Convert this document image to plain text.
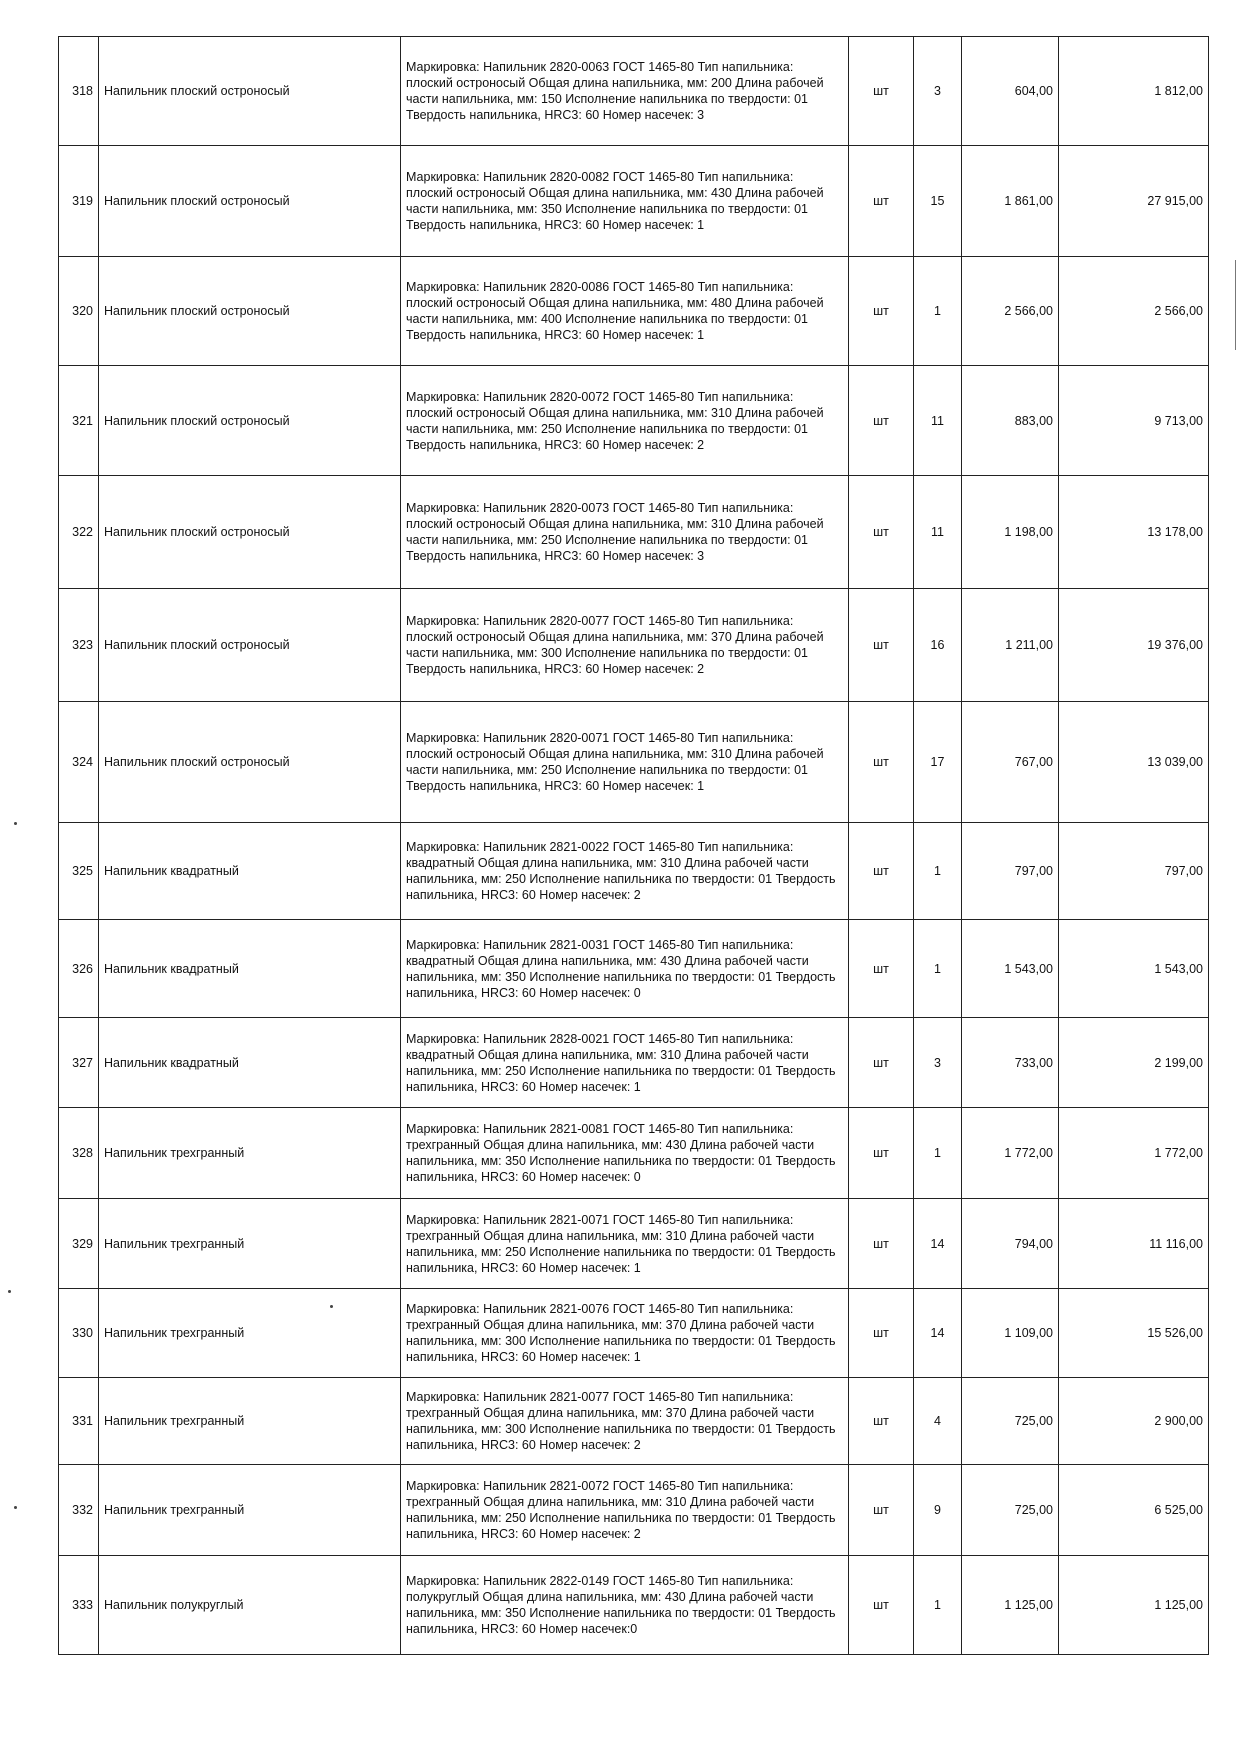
318	Напильник плоский остроносый	Маркировка: Напильник 2820-0063 ГОСТ 1465-80 Тип напильника: плоский остроносый Общая длина напильника, мм: 200 Длина рабочей части напильника, мм: 150 Исполнение напильника по твердости: 01 Твердость напильника, HRC3: 60 Номер насечек: 3	шт	3	604,00	1 812,00
319	Напильник плоский остроносый	Маркировка: Напильник 2820-0082 ГОСТ 1465-80 Тип напильника: плоский остроносый Общая длина напильника, мм: 430 Длина рабочей части напильника, мм: 350 Исполнение напильника по твердости: 01 Твердость напильника, HRC3: 60 Номер насечек: 1	шт	15	1 861,00	27 915,00
320	Напильник плоский остроносый	Маркировка: Напильник 2820-0086 ГОСТ 1465-80 Тип напильника: плоский остроносый Общая длина напильника, мм: 480 Длина рабочей части напильника, мм: 400 Исполнение напильника по твердости: 01 Твердость напильника, HRC3: 60 Номер насечек: 1	шт	1	2 566,00	2 566,00
321	Напильник плоский остроносый	Маркировка: Напильник 2820-0072 ГОСТ 1465-80 Тип напильника: плоский остроносый Общая длина напильника, мм: 310 Длина рабочей части напильника, мм: 250 Исполнение напильника по твердости: 01 Твердость напильника, HRC3: 60 Номер насечек: 2	шт	11	883,00	9 713,00
322	Напильник плоский остроносый	Маркировка: Напильник 2820-0073 ГОСТ 1465-80 Тип напильника: плоский остроносый Общая длина напильника, мм: 310 Длина рабочей части напильника, мм: 250 Исполнение напильника по твердости: 01 Твердость напильника, HRC3: 60 Номер насечек: 3	шт	11	1 198,00	13 178,00
323	Напильник плоский остроносый	Маркировка: Напильник 2820-0077 ГОСТ 1465-80 Тип напильника: плоский остроносый Общая длина напильника, мм: 370 Длина рабочей части напильника, мм: 300 Исполнение напильника по твердости: 01 Твердость напильника, HRC3: 60 Номер насечек: 2	шт	16	1 211,00	19 376,00
324	Напильник плоский остроносый	Маркировка: Напильник 2820-0071 ГОСТ 1465-80 Тип напильника: плоский остроносый Общая длина напильника, мм: 310 Длина рабочей части напильника, мм: 250 Исполнение напильника по твердости: 01 Твердость напильника, HRC3: 60 Номер насечек: 1	шт	17	767,00	13 039,00
325	Напильник квадратный	Маркировка: Напильник 2821-0022 ГОСТ 1465-80 Тип напильника: квадратный Общая длина напильника, мм: 310 Длина рабочей части напильника, мм: 250 Исполнение напильника по твердости: 01 Твердость напильника, HRC3: 60 Номер насечек: 2	шт	1	797,00	797,00
326	Напильник квадратный	Маркировка: Напильник 2821-0031 ГОСТ 1465-80 Тип напильника: квадратный Общая длина напильника, мм: 430 Длина рабочей части напильника, мм: 350 Исполнение напильника по твердости: 01 Твердость напильника, HRC3: 60 Номер насечек: 0	шт	1	1 543,00	1 543,00
327	Напильник квадратный	Маркировка: Напильник 2828-0021 ГОСТ 1465-80 Тип напильника: квадратный Общая длина напильника, мм: 310 Длина рабочей части напильника, мм: 250 Исполнение напильника по твердости: 01 Твердость напильника, HRC3: 60 Номер насечек: 1	шт	3	733,00	2 199,00
328	Напильник трехгранный	Маркировка: Напильник 2821-0081 ГОСТ 1465-80 Тип напильника: трехгранный Общая длина напильника, мм: 430 Длина рабочей части напильника, мм: 350 Исполнение напильника по твердости: 01 Твердость напильника, HRC3: 60 Номер насечек: 0	шт	1	1 772,00	1 772,00
329	Напильник трехгранный	Маркировка: Напильник 2821-0071 ГОСТ 1465-80 Тип напильника: трехгранный Общая длина напильника, мм: 310 Длина рабочей части напильника, мм: 250 Исполнение напильника по твердости: 01 Твердость напильника, HRC3: 60 Номер насечек: 1	шт	14	794,00	11 116,00
330	Напильник трехгранный	Маркировка: Напильник 2821-0076 ГОСТ 1465-80 Тип напильника: трехгранный Общая длина напильника, мм: 370 Длина рабочей части напильника, мм: 300 Исполнение напильника по твердости: 01 Твердость напильника, HRC3: 60 Номер насечек: 1	шт	14	1 109,00	15 526,00
331	Напильник трехгранный	Маркировка: Напильник 2821-0077 ГОСТ 1465-80 Тип напильника: трехгранный Общая длина напильника, мм: 370 Длина рабочей части напильника, мм: 300 Исполнение напильника по твердости: 01 Твердость напильника, HRC3: 60 Номер насечек: 2	шт	4	725,00	2 900,00
332	Напильник трехгранный	Маркировка: Напильник 2821-0072 ГОСТ 1465-80 Тип напильника: трехгранный Общая длина напильника, мм: 310 Длина рабочей части напильника, мм: 250 Исполнение напильника по твердости: 01 Твердость напильника, HRC3: 60 Номер насечек: 2	шт	9	725,00	6 525,00
333	Напильник полукруглый	Маркировка: Напильник 2822-0149 ГОСТ 1465-80 Тип напильника: полукруглый Общая длина напильника, мм: 430 Длина рабочей части напильника, мм: 350 Исполнение напильника по твердости: 01 Твердость напильника, HRC3: 60 Номер насечек:0	шт	1	1 125,00	1 125,00
